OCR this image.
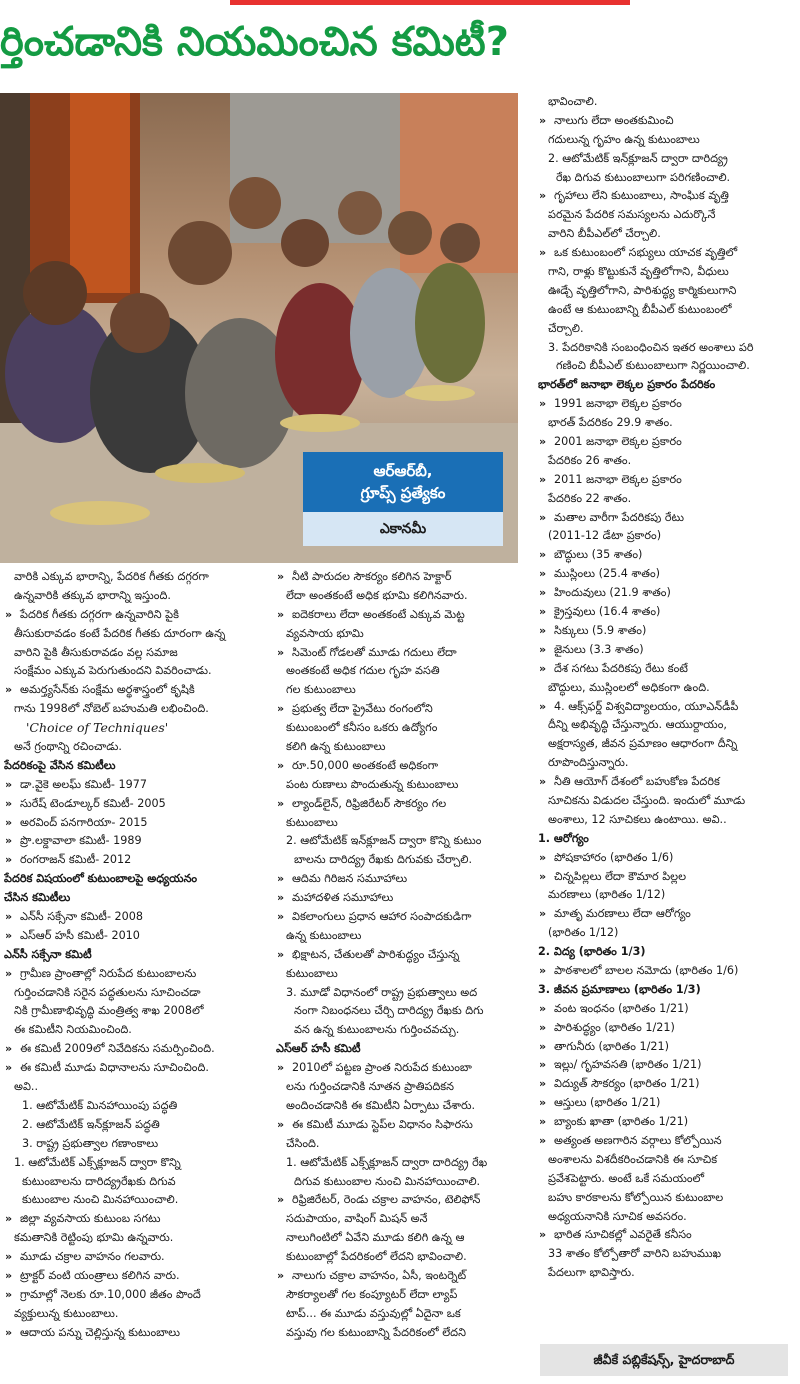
ర్తించడానికి నియమించిన కమిటీ?
ఆర్‌ఆర్‌బీ,
గ్రూప్స్ ప్రత్యేకం
ఎకానమీ
వారికి ఎక్కువ భారాన్ని, పేదరిక గీతకు దగ్గరగా
ఉన్నవారికి తక్కువ భారాన్ని ఇస్తుంది.
» పేదరిక గీతకు దగ్గరగా ఉన్నవారిని పైకి
తీసుకురావడం కంటే పేదరిక గీతకు దూరంగా ఉన్న
వారిని పైకి తీసుకురావడం వల్ల సమాజ
సంక్షేమం ఎక్కువ పెరుగుతుందని వివరించాడు.
» అమర్త్యసేన్‌కు సంక్షేమ అర్థశాస్త్రంలో కృషికి
గాను 1998లో నోబెల్ బహుమతి లభించింది.
'Choice of Techniques'
అనే గ్రంథాన్ని రచించాడు.
పేదరికంపై వేసిన కమిటీలు
» డా.వైకె అలఘ్ కమిటీ- 1977
» సురేష్ టెండూల్కర్ కమిటీ- 2005
» అరవింద్ పనగారియా- 2015
» ప్రొ.లక్డావాలా కమిటీ- 1989
» రంగరాజన్ కమిటీ- 2012
పేదరిక విషయంలో కుటుంబాలపై అధ్యయనం
చేసిన కమిటీలు
» ఎన్‌సీ సక్సేనా కమిటీ- 2008
» ఎస్‌ఆర్ హసీ కమిటీ- 2010
ఎన్‌సీ సక్సేనా కమిటీ
» గ్రామీణ ప్రాంతాల్లో నిరుపేద కుటుంబాలను
గుర్తించడానికి సరైన పద్ధతులను సూచించడా
నికి గ్రామీణాభివృద్ధి మంత్రిత్వ శాఖ 2008లో
ఈ కమిటీని నియమించింది.
» ఈ కమిటీ 2009లో నివేదికను సమర్పించింది.
» ఈ కమిటీ మూడు విధానాలను సూచించింది.
అవి..
1. ఆటోమేటిక్ మినహాయింపు పద్ధతి
2. ఆటోమేటిక్ ఇన్‌క్లూజన్ పద్ధతి
3. రాష్ట్ర ప్రభుత్వాల గణాంకాలు
1. ఆటోమేటిక్ ఎక్స్‌క్లూజన్ ద్వారా కొన్ని
కుటుంబాలను దారిద్య్రరేఖకు దిగువ
కుటుంబాల నుంచి మినహాయించాలి.
» జిల్లా వ్యవసాయ కుటుంబ సగటు
కమతానికి రెట్టింపు భూమి ఉన్నవారు.
» మూడు చక్రాల వాహనం గలవారు.
» ట్రాక్టర్ వంటి యంత్రాలు కలిగిన వారు.
» గ్రామాల్లో నెలకు రూ.10,000 జీతం పొందే
వ్యక్తులున్న కుటుంబాలు.
» ఆదాయ పన్ను చెల్లిస్తున్న కుటుంబాలు
» నీటి పారుదల సౌకర్యం కలిగిన హెక్టార్
లేదా అంతకంటే అధిక భూమి కలిగినవారు.
» ఐదెకరాలు లేదా అంతకంటే ఎక్కువ మెట్ట
వ్యవసాయ భూమి
» సిమెంట్ గోడలతో మూడు గదులు లేదా
అంతకంటే అధిక గదుల గృహ వసతి
గల కుటుంబాలు
» ప్రభుత్వ లేదా ప్రైవేటు రంగంలోని
కుటుంబంలో కనీసం ఒకరు ఉద్యోగం
కలిగి ఉన్న కుటుంబాలు
» రూ.50,000 అంతకంటే అధికంగా
పంట రుణాలు పొందుతున్న కుటుంబాలు
» ల్యాండ్‌లైన్, రిఫ్రిజిరేటర్ సౌకర్యం గల
కుటుంబాలు
2. ఆటోమేటిక్ ఇన్‌క్లూజన్ ద్వారా కొన్ని కుటుం
బాలను దారిద్య్ర రేఖకు దిగువకు చేర్చాలి.
» ఆదిమ గిరిజన సమూహాలు
» మహాదళిత సమూహాలు
» వికలాంగులు ప్రధాన ఆహార సంపాదకుడిగా
ఉన్న కుటుంబాలు
» భిక్షాటన, చేతులతో పారిశుద్ధ్యం చేస్తున్న
కుటుంబాలు
3. మూడో విధానంలో రాష్ట్ర ప్రభుత్వాలు అద
నంగా నిబంధనలు చేర్చి దారిద్య్ర రేఖకు దిగు
వన ఉన్న కుటుంబాలను గుర్తించవచ్చు.
ఎస్‌ఆర్ హసీ కమిటీ
» 2010లో పట్టణ ప్రాంత నిరుపేద కుటుంబా
లను గుర్తించడానికి నూతన ప్రాతిపదికన
అందించడానికి ఈ కమిటీని ఏర్పాటు చేశారు.
» ఈ కమిటీ మూడు స్టెప్‌ల విధానం సిఫారసు
చేసింది.
1. ఆటోమేటిక్ ఎక్స్‌క్లూజన్ ద్వారా దారిద్య్ర రేఖ
దిగువ కుటుంబాల నుంచి మినహాయించాలి.
» రిఫ్రిజిరేటర్, రెండు చక్రాల వాహనం, టెలిఫోన్
సదుపాయం, వాషింగ్ మిషన్ అనే
నాలుగింటిలో ఏవేని మూడు కలిగి ఉన్న ఆ
కుటుంబాల్లో పేదరికంలో లేదని భావించాలి.
» నాలుగు చక్రాల వాహనం, ఏసీ, ఇంటర్నెట్
సౌకర్యాలతో గల కంప్యూటర్ లేదా ల్యాప్
టాప్... ఈ మూడు వస్తువుల్లో ఏదైనా ఒక
వస్తువు గల కుటుంబాన్ని పేదరికంలో లేదని
భావించాలి.
» నాలుగు లేదా అంతకుమించి
గదులున్న గృహం ఉన్న కుటుంబాలు
2. ఆటోమేటిక్ ఇన్‌క్లూజన్ ద్వారా దారిద్య్ర
రేఖ దిగువ కుటుంబాలుగా పరిగణించాలి.
» గృహాలు లేని కుటుంబాలు, సాంఘిక వృత్తి
పరమైన పేదరిక సమస్యలను ఎదుర్కొనే
వారిని బీపీఎల్‌లో చేర్చాలి.
» ఒక కుటుంబంలో సభ్యులు యాచక వృత్తిలో
గాని, రాళ్లు కొట్టుకునే వృత్తిలోగాని, వీధులు
ఊడ్చే వృత్తిలోగాని, పారిశుద్ధ్య కార్మికులుగాని
ఉంటే ఆ కుటుంబాన్ని బీపీఎల్ కుటుంబంలో
చేర్చాలి.
3. పేదరికానికి సంబంధించిన ఇతర అంశాలు పరి
గణించి బీపీఎల్ కుటుంబాలుగా నిర్ణయించాలి.
భారత్‌లో జనాభా లెక్కల ప్రకారం పేదరికం
» 1991 జనాభా లెక్కల ప్రకారం
భారత్ పేదరికం 29.9 శాతం.
» 2001 జనాభా లెక్కల ప్రకారం
పేదరికం 26 శాతం.
» 2011 జనాభా లెక్కల ప్రకారం
పేదరికం 22 శాతం.
» మతాల వారీగా పేదరికపు రేటు
(2011-12 డేటా ప్రకారం)
» బౌద్ధులు (35 శాతం)
» ముస్లింలు (25.4 శాతం)
» హిందువులు (21.9 శాతం)
» క్రైస్తవులు (16.4 శాతం)
» సిక్కులు (5.9 శాతం)
» జైనులు (3.3 శాతం)
» దేశ సగటు పేదరికపు రేటు కంటే
బౌద్ధులు, ముస్లింలలో అధికంగా ఉంది.
» 4. ఆక్స్‌ఫర్డ్ విశ్వవిద్యాలయం, యూఎన్‌డీపీ
దీన్ని అభివృద్ధి చేస్తున్నారు. ఆయుర్దాయం,
అక్షరాస్యత, జీవన ప్రమాణం ఆధారంగా దీన్ని
రూపొందిస్తున్నారు.
» నీతి ఆయోగ్ దేశంలో బహుకోణ పేదరిక
సూచికను విడుదల చేస్తుంది. ఇందులో మూడు
అంశాలు, 12 సూచికలు ఉంటాయి. అవి..
1. ఆరోగ్యం
» పోషకాహారం (భారితం 1/6)
» చిన్నపిల్లలు లేదా కౌమార పిల్లల
మరణాలు (భారితం 1/12)
» మాతృ మరణాలు లేదా ఆరోగ్యం
(భారితం 1/12)
2. విద్య (భారితం 1/3)
» పాఠశాలలో బాలల నమోదు (భారితం 1/6)
3. జీవన ప్రమాణాలు (భారితం 1/3)
» వంట ఇంధనం (భారితం 1/21)
» పారిశుద్ధ్యం (భారితం 1/21)
» తాగునీరు (భారితం 1/21)
» ఇల్లు/ గృహవసతి (భారితం 1/21)
» విద్యుత్ సౌకర్యం (భారితం 1/21)
» ఆస్తులు (భారితం 1/21)
» బ్యాంకు ఖాతా (భారితం 1/21)
» అత్యంత అణగారిన వర్గాలు కోల్పోయిన
అంశాలను విశదీకరించడానికి ఈ సూచిక
ప్రవేశపెట్టారు. అంటే ఒకే సమయంలో
బహు కారకాలను కోల్పోయిన కుటుంబాల
అధ్యయనానికి సూచిక అవసరం.
» భారిత సూచికల్లో ఎవరైతే కనీసం
33 శాతం కోల్పోతారో వారిని బహుముఖ
పేదలుగా భావిస్తారు.
జీవీకే పబ్లికేషన్స్, హైదరాబాద్
